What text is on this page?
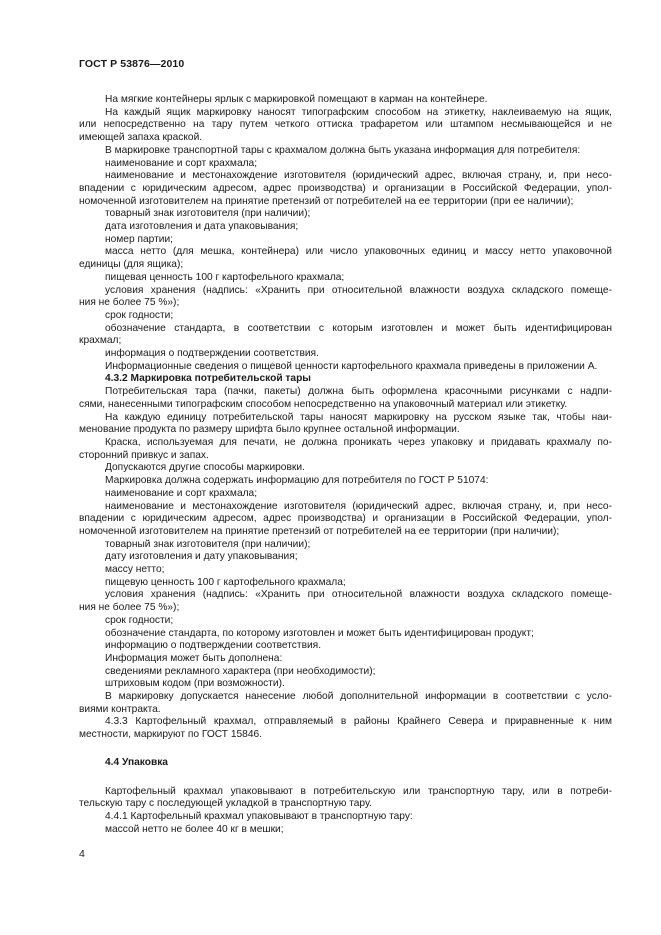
ГОСТ Р 53876—2010
На мягкие контейнеры ярлык с маркировкой помещают в карман на контейнере.
На каждый ящик маркировку наносят типографским способом на этикетку, наклеиваемую на ящик,
или непосредственно на тару путем четкого оттиска трафаретом или штампом несмывающейся и не
имеющей запаха краской.
В маркировке транспортной тары с крахмалом должна быть указана информация для потребителя:
наименование и сорт крахмала;
наименование и местонахождение изготовителя (юридический адрес, включая страну, и, при несо-
впадении с юридическим адресом, адрес производства) и организации в Российской Федерации, упол-
номоченной изготовителем на принятие претензий от потребителей на ее территории (при ее наличии);
товарный знак изготовителя (при наличии);
дата изготовления и дата упаковывания;
номер партии;
масса нетто (для мешка, контейнера) или число упаковочных единиц и массу нетто упаковочной
единицы (для ящика);
пищевая ценность 100 г картофельного крахмала;
условия хранения (надпись: «Хранить при относительной влажности воздуха складского помеще-
ния не более 75 %»);
срок годности;
обозначение стандарта, в соответствии с которым изготовлен и может быть идентифицирован
крахмал;
информация о подтверждении соответствия.
Информационные сведения о пищевой ценности картофельного крахмала приведены в приложении А.
4.3.2 Маркировка потребительской тары
Потребительская тара (пачки, пакеты) должна быть оформлена красочными рисунками с надпи-
сями, нанесенными типографским способом непосредственно на упаковочный материал или этикетку.
На каждую единицу потребительской тары наносят маркировку на русском языке так, чтобы наи-
менование продукта по размеру шрифта было крупнее остальной информации.
Краска, используемая для печати, не должна проникать через упаковку и придавать крахмалу по-
сторонний привкус и запах.
Допускаются другие способы маркировки.
Маркировка должна содержать информацию для потребителя по ГОСТ Р 51074:
наименование и сорт крахмала;
наименование и местонахождение изготовителя (юридический адрес, включая страну, и, при несо-
впадении с юридическим адресом, адрес производства) и организации в Российской Федерации, упол-
номоченной изготовителем на принятие претензий от потребителей на ее территории (при наличии);
товарный знак изготовителя (при наличии);
дату изготовления и дату упаковывания;
массу нетто;
пищевую ценность 100 г картофельного крахмала;
условия хранения (надпись: «Хранить при относительной влажности воздуха складского помеще-
ния не более 75 %»);
срок годности;
обозначение стандарта, по которому изготовлен и может быть идентифицирован продукт;
информацию о подтверждении соответствия.
Информация может быть дополнена:
сведениями рекламного характера (при необходимости);
штриховым кодом (при возможности).
В маркировку допускается нанесение любой дополнительной информации в соответствии с усло-
виями контракта.
4.3.3 Картофельный крахмал, отправляемый в районы Крайнего Севера и приравненные к ним
местности, маркируют по ГОСТ 15846.
4.4 Упаковка
Картофельный крахмал упаковывают в потребительскую или транспортную тару, или в потреби-
тельскую тару с последующей укладкой в транспортную тару.
4.4.1 Картофельный крахмал упаковывают в транспортную тару:
массой нетто не более 40 кг в мешки;
4
